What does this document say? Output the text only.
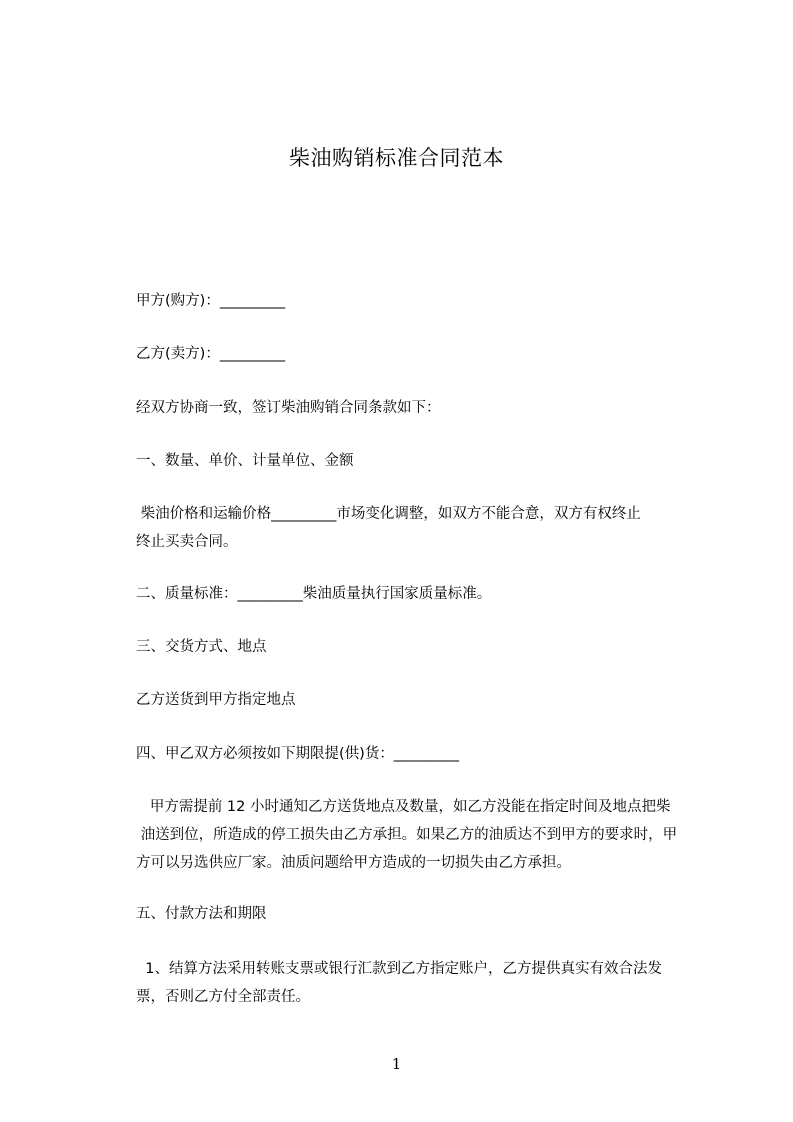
柴油购销标准合同范本
甲方(购方)：_________
乙方(卖方)：_________
经双方协商一致，签订柴油购销合同条款如下：
一、数量、单价、计量单位、金额
柴油价格和运输价格_________市场变化调整，如双方不能合意，双方有权终止
终止买卖合同。
二、质量标准：_________柴油质量执行国家质量标准。
三、交货方式、地点
乙方送货到甲方指定地点
四、甲乙双方必须按如下期限提(供)货：_________
甲方需提前 12 小时通知乙方送货地点及数量，如乙方没能在指定时间及地点把柴
油送到位，所造成的停工损失由乙方承担。如果乙方的油质达不到甲方的要求时，甲
方可以另选供应厂家。油质问题给甲方造成的一切损失由乙方承担。
五、付款方法和期限
1、结算方法采用转账支票或银行汇款到乙方指定账户，乙方提供真实有效合法发
票，否则乙方付全部责任。
1
